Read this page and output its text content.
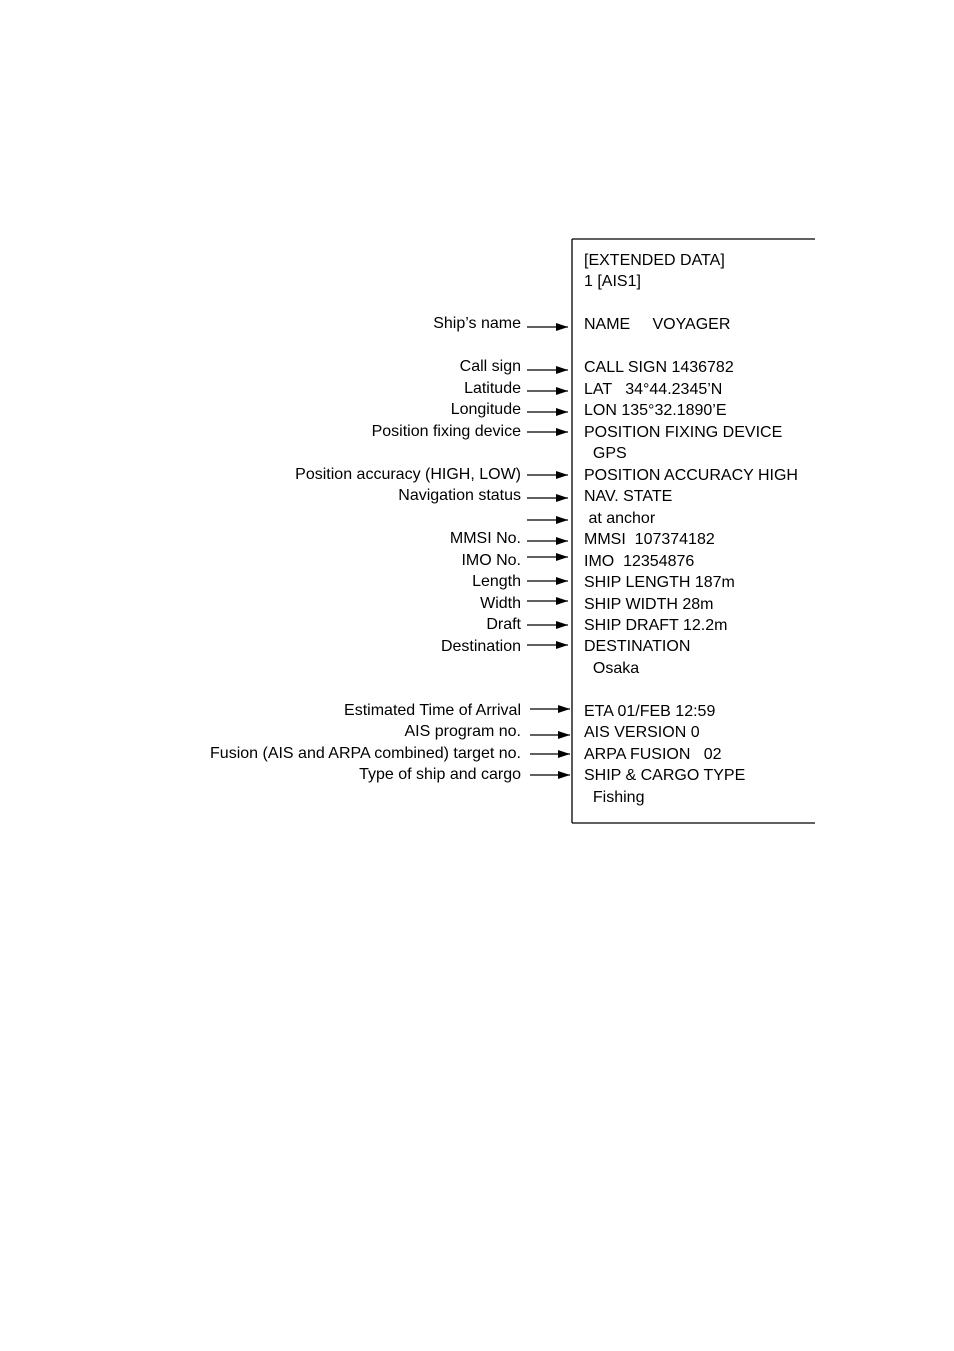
[EXTENDED DATA]
1 [AIS1]
NAME     VOYAGER
CALL SIGN 1436782
LAT   34°44.2345’N
LON 135°32.1890’E
POSITION FIXING DEVICE
GPS
POSITION ACCURACY HIGH
NAV. STATE
at anchor
MMSI  107374182
IMO  12354876
SHIP LENGTH 187m
SHIP WIDTH 28m
SHIP DRAFT 12.2m
DESTINATION
Osaka
ETA 01/FEB 12:59
AIS VERSION 0
ARPA FUSION   02
SHIP & CARGO TYPE
Fishing
Ship’s name
Call sign
Latitude
Longitude
Position fixing device
Position accuracy (HIGH, LOW)
Navigation status
MMSI No.
IMO No.
Length
Width
Draft
Destination
Estimated Time of Arrival
AIS program no.
Fusion (AIS and ARPA combined) target no.
Type of ship and cargo
